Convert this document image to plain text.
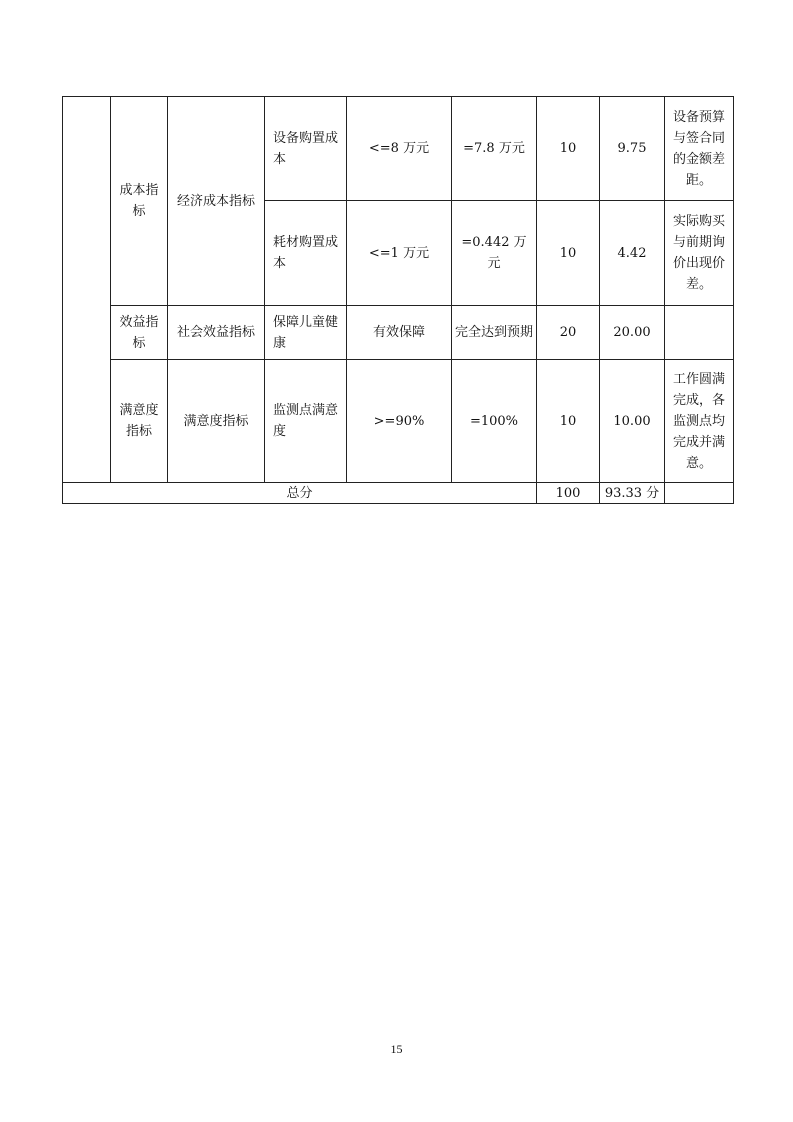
	成本指标	经济成本指标	设备购置成本	<=8 万元	=7.8 万元	10	9.75	设备预算与签合同的金额差距。
			耗材购置成本	<=1 万元	=0.442 万元	10	4.42	实际购买与前期询价出现价差。
	效益指标	社会效益指标	保障儿童健康	有效保障	完全达到预期	20	20.00	
	满意度指标	满意度指标	监测点满意度	>=90%	=100%	10	10.00	工作圆满完成，各监测点均完成并满意。
总分						100	93.33 分	
15
